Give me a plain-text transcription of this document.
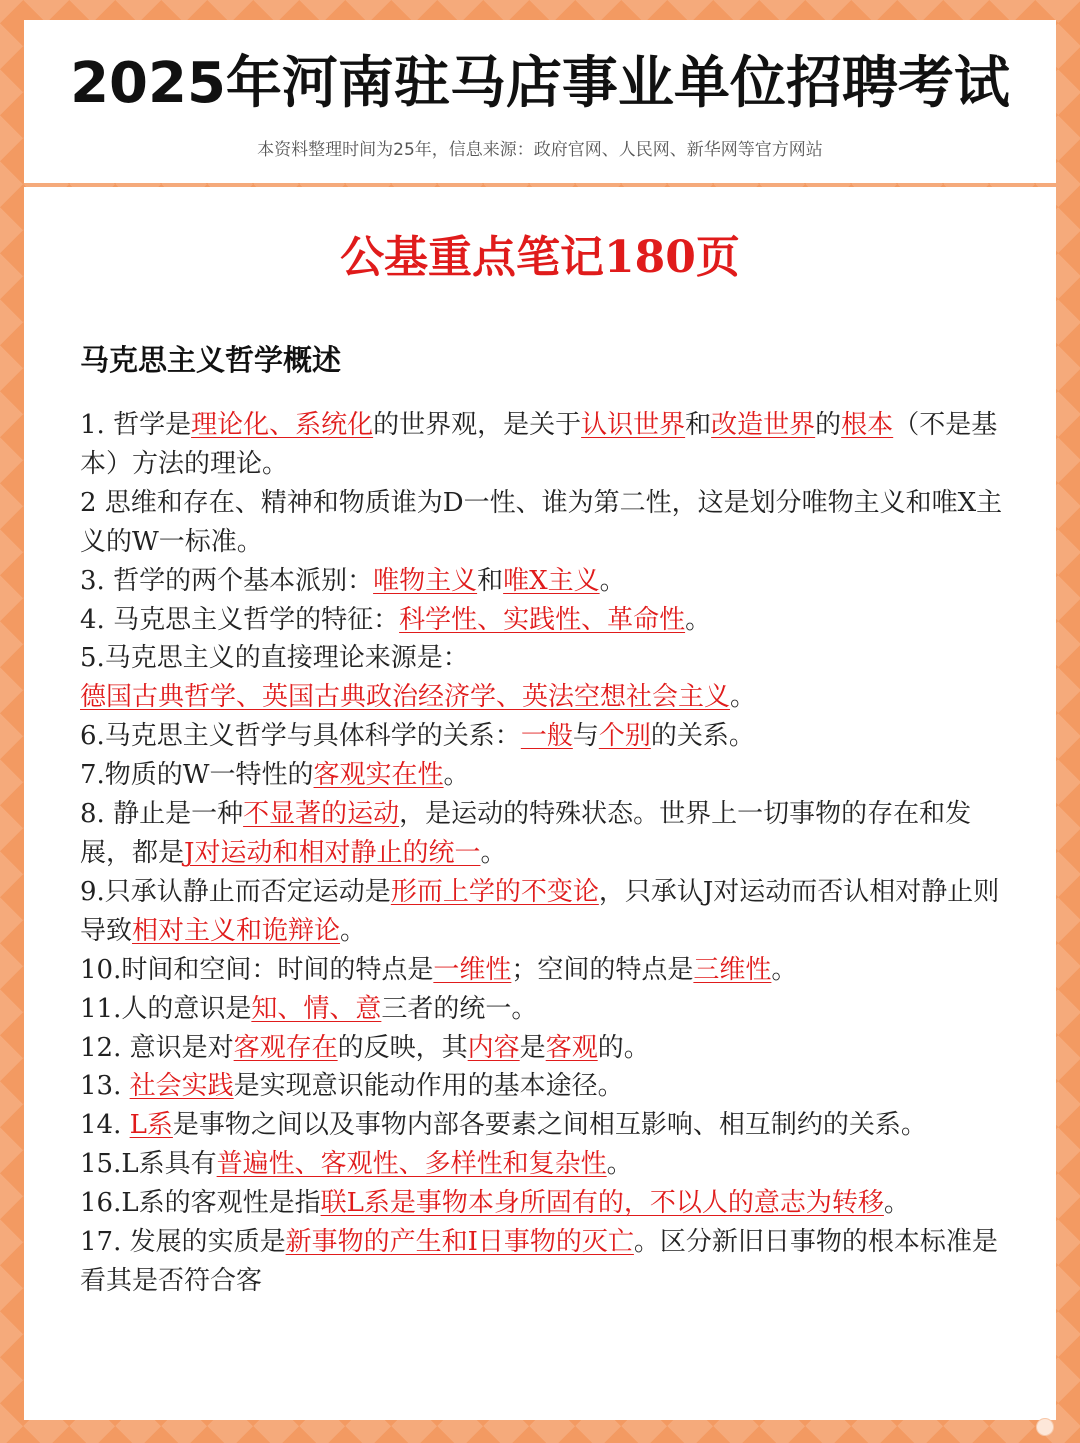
2025年河南驻马店事业单位招聘考试
本资料整理时间为25年，信息来源：政府官网、人民网、新华网等官方网站
公基重点笔记180页
马克思主义哲学概述

1. 哲学是理论化、系统化的世界观，是关于认识世界和改造世界的根本（不是基本）方法的理论。

2 思维和存在、精神和物质谁为D一性、谁为第二性，这是划分唯物主义和唯X主义的W一标准。

3. 哲学的两个基本派别：唯物主义和唯X主义。

4. 马克思主义哲学的特征：科学性、实践性、革命性。

5.马克思主义的直接理论来源是：

德国古典哲学、英国古典政治经济学、英法空想社会主义。

6.马克思主义哲学与具体科学的关系：一般与个别的关系。

7.物质的W一特性的客观实在性。

8. 静止是一种不显著的运动，是运动的特殊状态。世界上一切事物的存在和发展，都是J对运动和相对静止的统一。

9.只承认静止而否定运动是形而上学的不变论，只承认J对运动而否认相对静止则导致相对主义和诡辩论。

10.时间和空间：时间的特点是一维性；空间的特点是三维性。

11.人的意识是知、情、意三者的统一。

12. 意识是对客观存在的反映，其内容是客观的。

13. 社会实践是实现意识能动作用的基本途径。

14. L系是事物之间以及事物内部各要素之间相互影响、相互制约的关系。

15.L系具有普遍性、客观性、多样性和复杂性。

16.L系的客观性是指联L系是事物本身所固有的，不以人的意志为转移。

17. 发展的实质是新事物的产生和I日事物的灭亡。区分新旧日事物的根本标准是看其是否符合客
